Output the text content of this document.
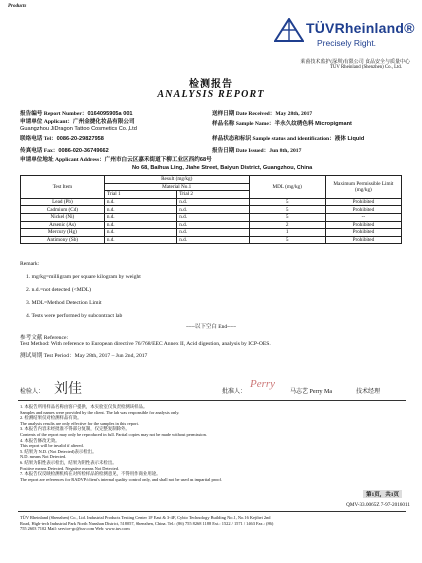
Products
TÜVRheinland®
Precisely Right.
莱茵技术监护(深圳)有限公司 食品安全与质量中心
TÜV Rheinland (Shenzhen) Co., Ltd.
检测报告
ANALYSIS REPORT
报告编号 Report Number：0164095905a 001	送样日期 Date Received：May 28th, 2017
申请单位 Applicant：广州金捷化妆品有限公司	样品名称 Sample Name：半永久纹绣色料 Micropigmant
Guangzhou JiDragon Tattoo Cosmetics Co.,Ltd
联络电话 Tel：0086-20-29827958	样品状态和标识 Sample status and identification：液体 Liquid
传真电话 Fax：0086-020-36749662	报告日期 Date Issued：Jun 8th, 2017
申请单位地址 Applicant Address：广州市白云区嘉禾街道下柳工业区西约68号
No 68, Baihua Ling, Jiahe Street, Baiyun District, Guangzhou, China
Test Item	Result (mg/kg)		MDL (mg/kg)	Maximum Permissible Limit (mg/kg)
	Material No.1			
	Trial 1	Trial 2		
Lead (Pb)	n.d.	n.d.	5	Prohibited
Cadmium (Cd)	n.d.	n.d.	5	Prohibited
Nickel (Ni)	n.d.	n.d.	5	--
Arsenic (As)	n.d.	n.d.	2	Prohibited
Mercury (Hg)	n.d.	n.d.	1	Prohibited
Antimony (Sb)	n.d.	n.d.	5	Prohibited
Remark:
1. mg/kg=milligram per square kilogram by weight
2. n.d.=not detected (<MDL)
3. MDL=Method Detection Limit
4. Tests were performed by subcontract lab
~~~以下空白 End~~~
参考文献 Reference:
Test Method: With reference to European directive 76/768/EEC Annex II, Acid digestion, analysis by ICP-OES.
测试周期 Test Period：May 28th, 2017 – Jun 2nd, 2017
检验人： 刘佳	批准人：
Perry
马志艺 Perry Ma	技术经理
1. 本报告所用样品名称由客户提供，本实验室仅负责检测该样品。
Samples and names were provided by the client. The lab was responsible for analysis only.
2. 检测结果仅对检测样品有效。
The analysis results are only effective for the samples in this report.
3. 本报告内容未经批准不得部分复制，仅完整复制除外。
Contents of the report may only be reproduced in full. Partial copies may not be made without permission.
4. 本报告修改无效。
This report will be invalid if altered.
5. 结果为 N.D. (Not Detected)表示检出。
N.D. means Not Detected.
6. 结果为阳性表示检出，结果为阴性表示未检出。
Positive means Detected. Negative means Not Detected.
7. 本报告仅反映检测机构在对所检样品的检测意见，不得用作商业用途。
The report are references for RADVP/client's internal quality control only, and shall not be used as impartial proof.
第1页，共1页
QMV-33.0065Z 7-97-2016011
TÜV Rheinland (Shenzhen) Co., Ltd. Industrial Products Testing Center 1F East & 3-4F, Cybio Technology Building No.1, No.16 Kejibei 2nd
Road, High-tech Industrial Park North Nanshan District, 518057, Shenzhen, China. Tel.: (86) 755 8268 1188 Ext.: 1522 / 1571 / 1463 Fax.: (86)
755 2603 7102 Mail: service-gc@tuv.com Web: www.tuv.com
